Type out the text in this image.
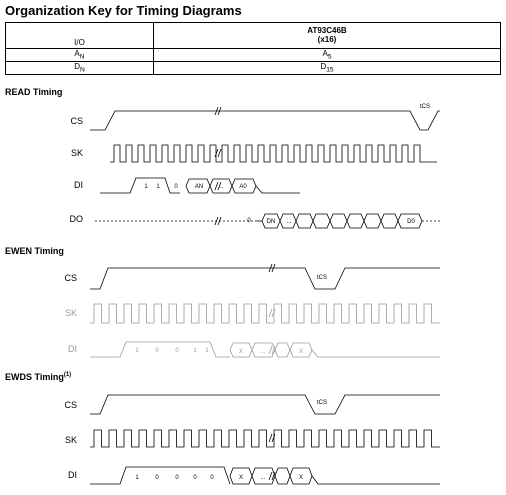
Organization Key for Timing Diagrams
I/O	AT93C46B
(x16)
$A_N$	$A_5$
$D_N$	$D_{15}$
READ Timing
EWEN Timing
EWDS Timing$^{(1)}$
CS
SK
DI
DO
CS
SK
DI
CS
SK
DI
tCS
1 1 0	AN	...	A0
0	DN ...	D0
tCS
1	0	0 1 1	X	...	X
tCS
1	0	0 0 0	X	...	X
